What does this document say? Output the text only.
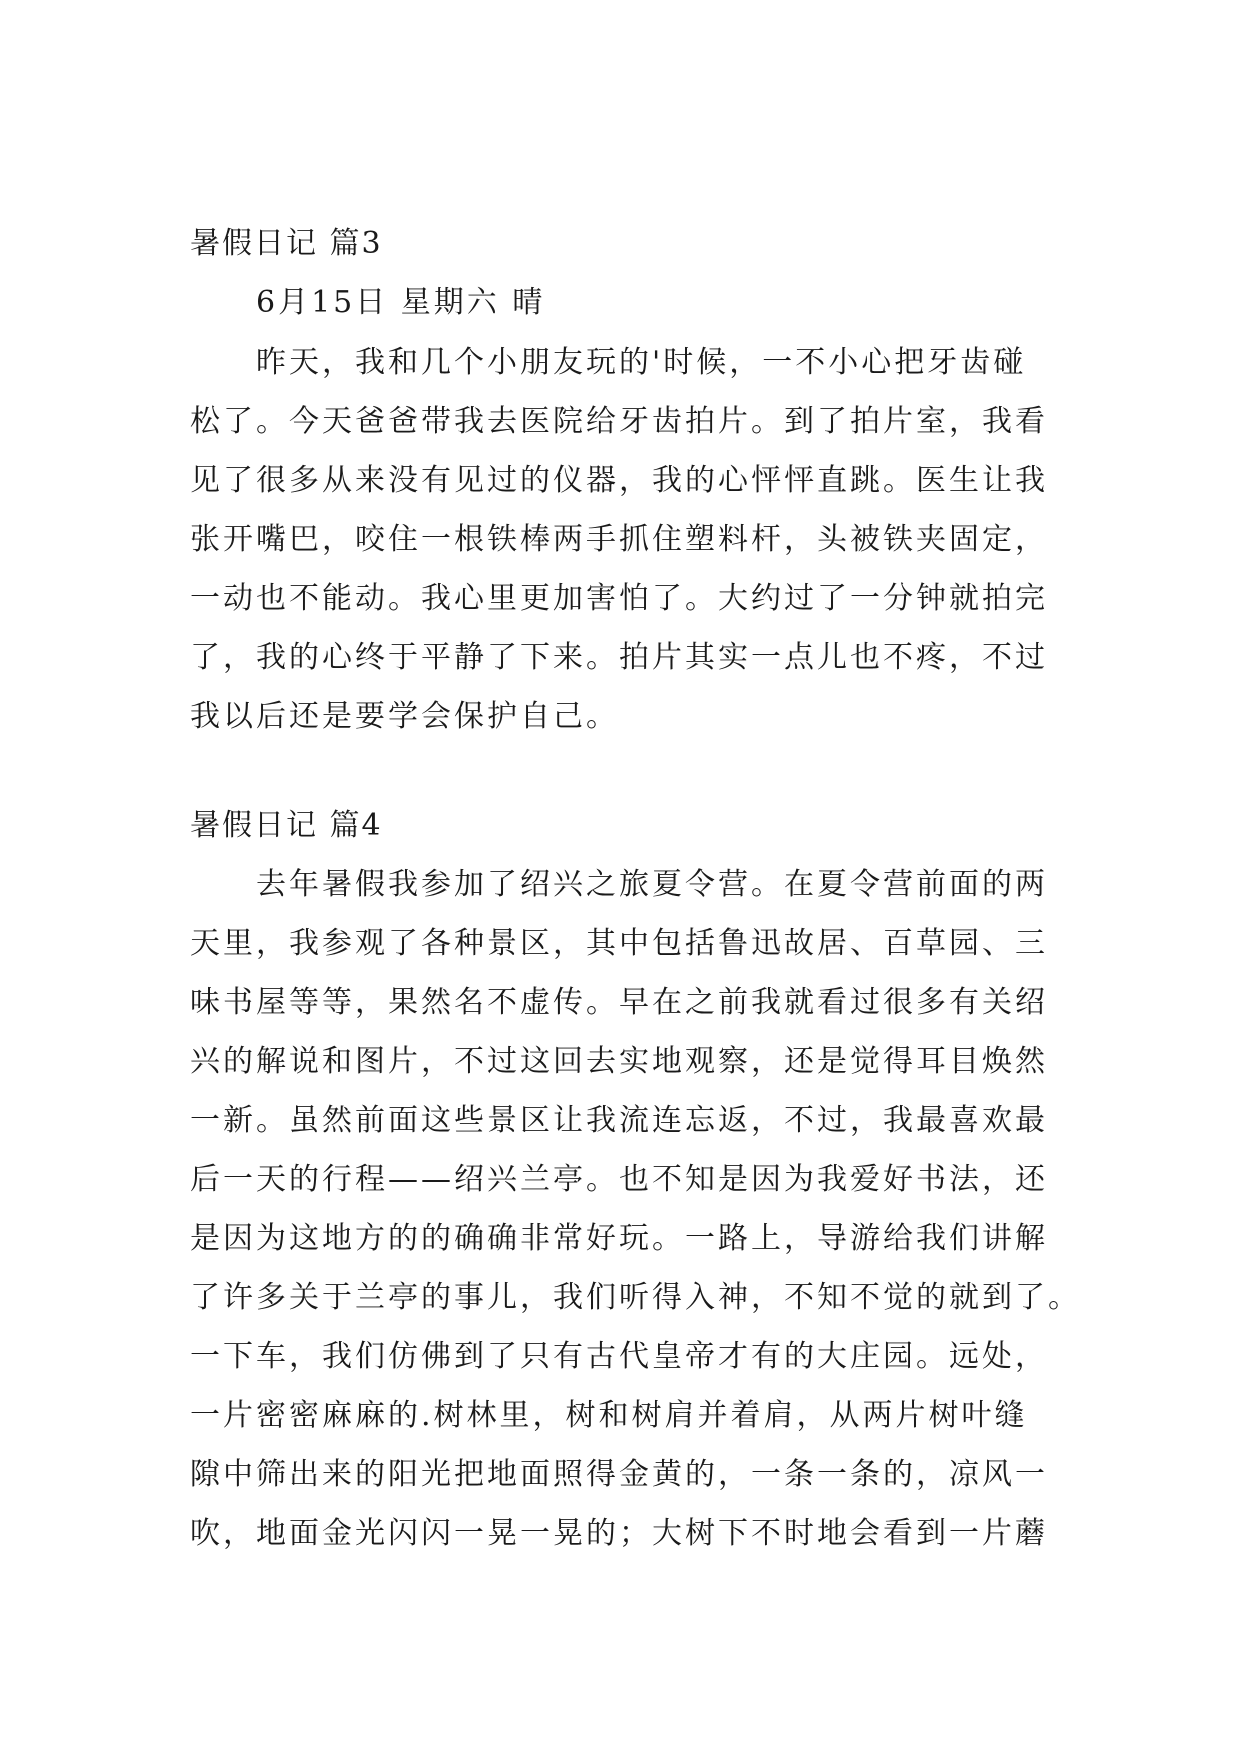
暑假日记 篇3
6月15日 星期六 晴
昨天，我和几个小朋友玩的'时候，一不小心把牙齿碰
松了。今天爸爸带我去医院给牙齿拍片。到了拍片室，我看
见了很多从来没有见过的仪器，我的心怦怦直跳。医生让我
张开嘴巴，咬住一根铁棒两手抓住塑料杆，头被铁夹固定，
一动也不能动。我心里更加害怕了。大约过了一分钟就拍完
了，我的心终于平静了下来。拍片其实一点儿也不疼，不过
我以后还是要学会保护自己。
暑假日记 篇4
去年暑假我参加了绍兴之旅夏令营。在夏令营前面的两
天里，我参观了各种景区，其中包括鲁迅故居、百草园、三
味书屋等等，果然名不虚传。早在之前我就看过很多有关绍
兴的解说和图片，不过这回去实地观察，还是觉得耳目焕然
一新。虽然前面这些景区让我流连忘返，不过，我最喜欢最
后一天的行程——绍兴兰亭。也不知是因为我爱好书法，还
是因为这地方的的确确非常好玩。一路上，导游给我们讲解
了许多关于兰亭的事儿，我们听得入神，不知不觉的就到了。
一下车，我们仿佛到了只有古代皇帝才有的大庄园。远处，
一片密密麻麻的.树林里，树和树肩并着肩，从两片树叶缝
隙中筛出来的阳光把地面照得金黄的，一条一条的，凉风一
吹，地面金光闪闪一晃一晃的；大树下不时地会看到一片蘑
